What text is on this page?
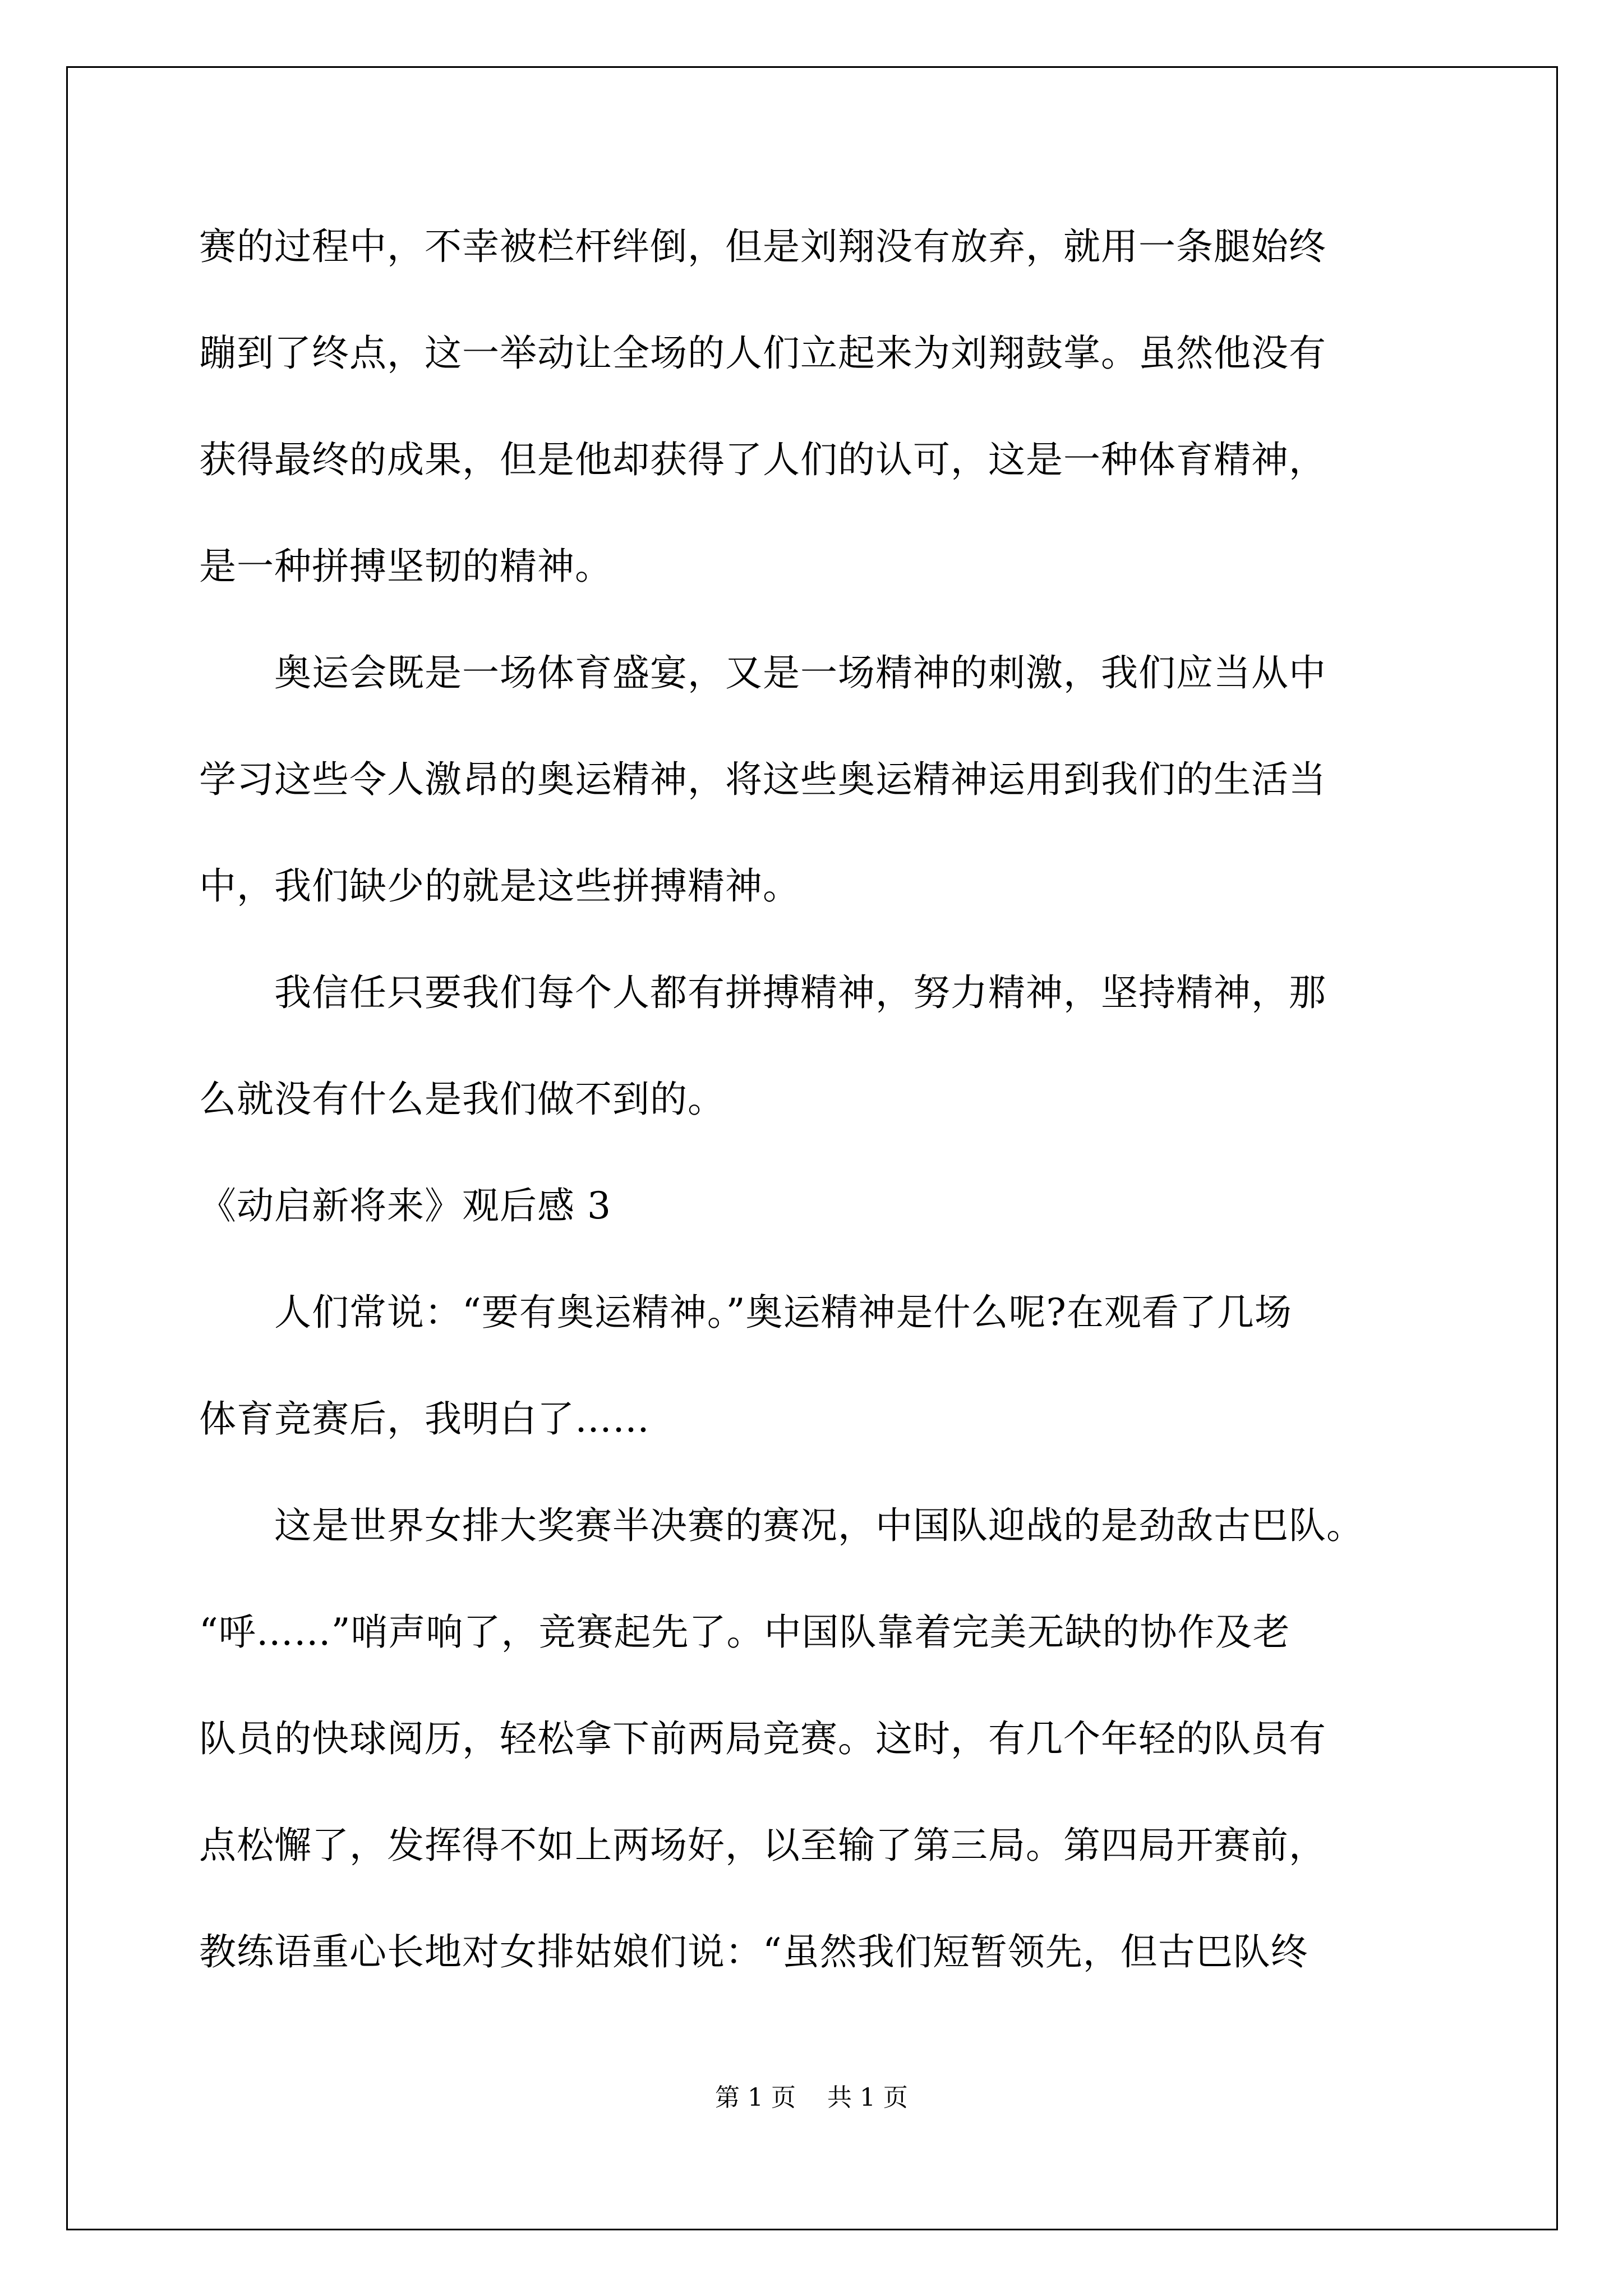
赛的过程中，不幸被栏杆绊倒，但是刘翔没有放弃，就用一条腿始终
蹦到了终点，这一举动让全场的人们立起来为刘翔鼓掌。虽然他没有
获得最终的成果，但是他却获得了人们的认可，这是一种体育精神，
是一种拼搏坚韧的精神。
　　奥运会既是一场体育盛宴，又是一场精神的刺激，我们应当从中
学习这些令人激昂的奥运精神，将这些奥运精神运用到我们的生活当
中，我们缺少的就是这些拼搏精神。
　　我信任只要我们每个人都有拼搏精神，努力精神，坚持精神，那
么就没有什么是我们做不到的。
《动启新将来》观后感 3
　　人们常说：“要有奥运精神。”奥运精神是什么呢?在观看了几场
体育竞赛后，我明白了……
　　这是世界女排大奖赛半决赛的赛况，中国队迎战的是劲敌古巴队。
“呼……”哨声响了，竞赛起先了。中国队靠着完美无缺的协作及老
队员的快球阅历，轻松拿下前两局竞赛。这时，有几个年轻的队员有
点松懈了，发挥得不如上两场好，以至输了第三局。第四局开赛前，
教练语重心长地对女排姑娘们说：“虽然我们短暂领先，但古巴队终
第 1 页    共 1 页
